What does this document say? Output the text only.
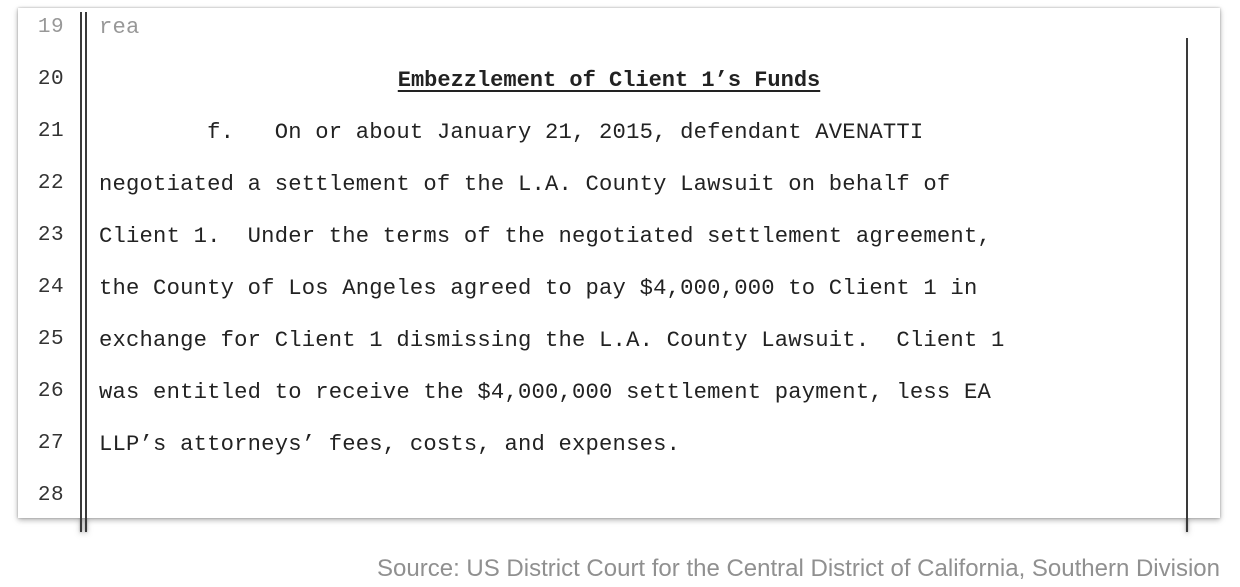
19	rea
20	Embezzlement of Client 1’s Funds
21	f.   On or about January 21, 2015, defendant AVENATTI
22	negotiated a settlement of the L.A. County Lawsuit on behalf of
23	Client 1.  Under the terms of the negotiated settlement agreement,
24	the County of Los Angeles agreed to pay $4,000,000 to Client 1 in
25	exchange for Client 1 dismissing the L.A. County Lawsuit.  Client 1
26	was entitled to receive the $4,000,000 settlement payment, less EA
27	LLP’s attorneys’ fees, costs, and expenses.
28
Source: US District Court for the Central District of California, Southern Division
